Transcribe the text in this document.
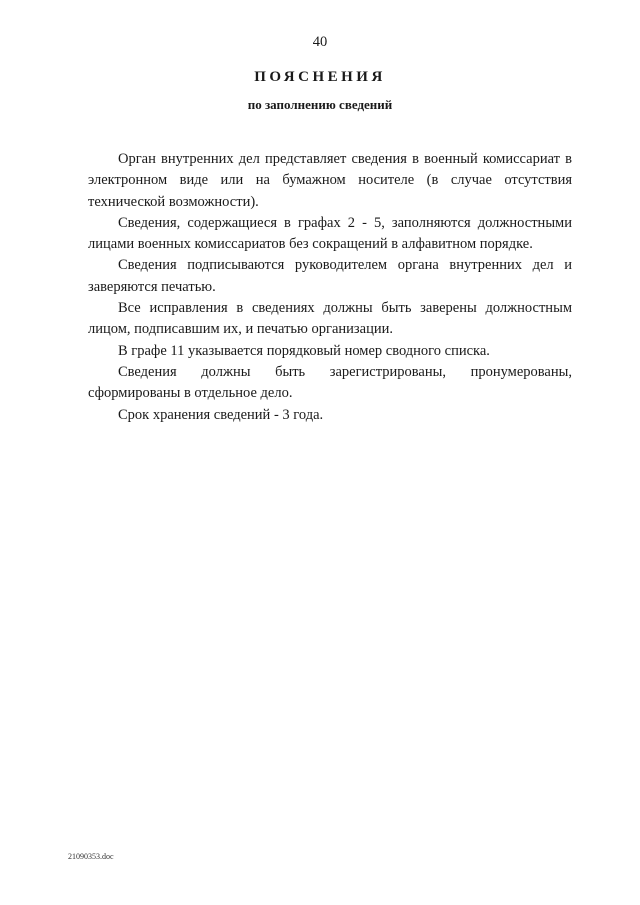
40
ПОЯСНЕНИЯ
по заполнению сведений

Орган внутренних дел представляет сведения в военный комиссариат в электронном виде или на бумажном носителе (в случае отсутствия технической возможности).

Сведения, содержащиеся в графах 2 - 5, заполняются должностными лицами военных комиссариатов без сокращений в алфавитном порядке.

Сведения подписываются руководителем органа внутренних дел и заверяются печатью.

Все исправления в сведениях должны быть заверены должностным лицом, подписавшим их, и печатью организации.

В графе 11 указывается порядковый номер сводного списка.

Сведения должны быть зарегистрированы, пронумерованы, сформированы в отдельное дело.

Срок хранения сведений - 3 года.

21090353.doc
